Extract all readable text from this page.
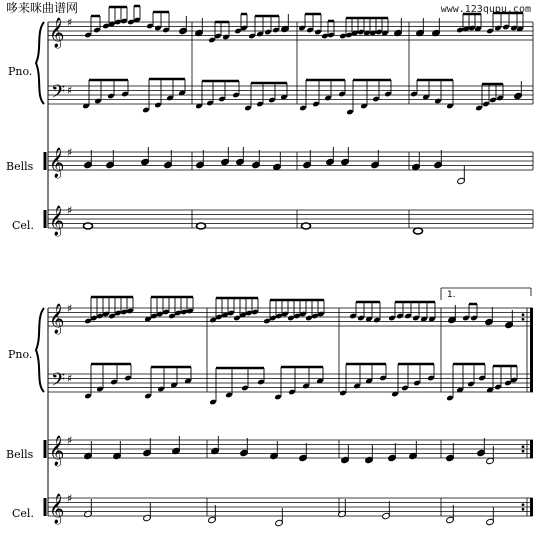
哆来咪曲谱网	www.123qupu.com
Pno.
Bells
Cel.
Pno.
Bells
Cel.
1.
𝄞
𝄢
𝄞
𝄞
♯
♯
♯
♯
𝄞
𝄢
𝄞
𝄞
♯
♯
♯
♯
